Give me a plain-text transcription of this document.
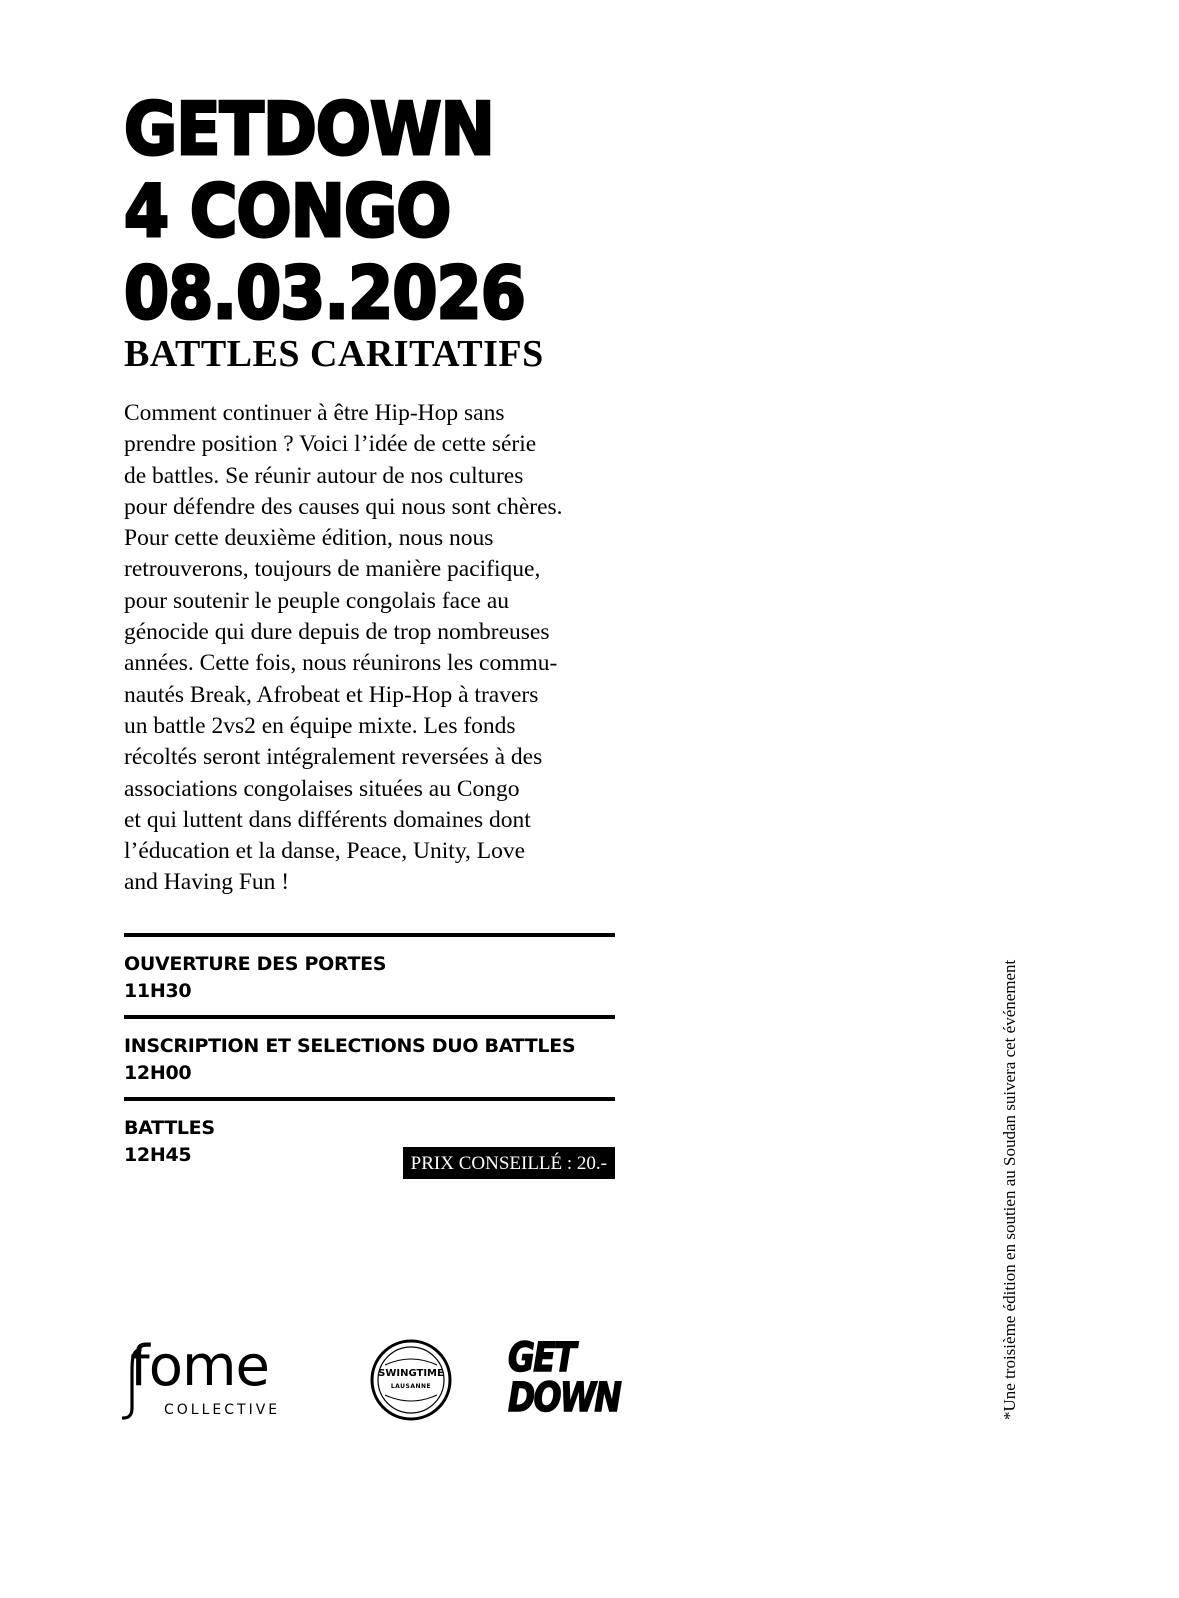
GETDOWN
4 CONGO
08.03.2026
BATTLES CARITATIFS
Comment continuer à être Hip-Hop sans
prendre position ? Voici l’idée de cette série
de battles. Se réunir autour de nos cultures
pour défendre des causes qui nous sont chères.
Pour cette deuxième édition, nous nous
retrouverons, toujours de manière pacifique,
pour soutenir le peuple congolais face au
génocide qui dure depuis de trop nombreuses
années. Cette fois, nous réunirons les commu-
nautés Break, Afrobeat et Hip-Hop à travers
un battle 2vs2 en équipe mixte. Les fonds
récoltés seront intégralement reversées à des
associations congolaises situées au Congo
et qui luttent dans différents domaines dont
l’éducation et la danse, Peace, Unity, Love
and Having Fun !
OUVERTURE DES PORTES
11H30
INSCRIPTION ET SELECTIONS DUO BATTLES
12H00
BATTLES
12H45	PRIX CONSEILLÉ : 20.-	*Une troisième édition en soutien au Soudan suivera cet événement
fome
COLLECTIVE
SWINGTIME
LAUSANNE
GET
DOWN
